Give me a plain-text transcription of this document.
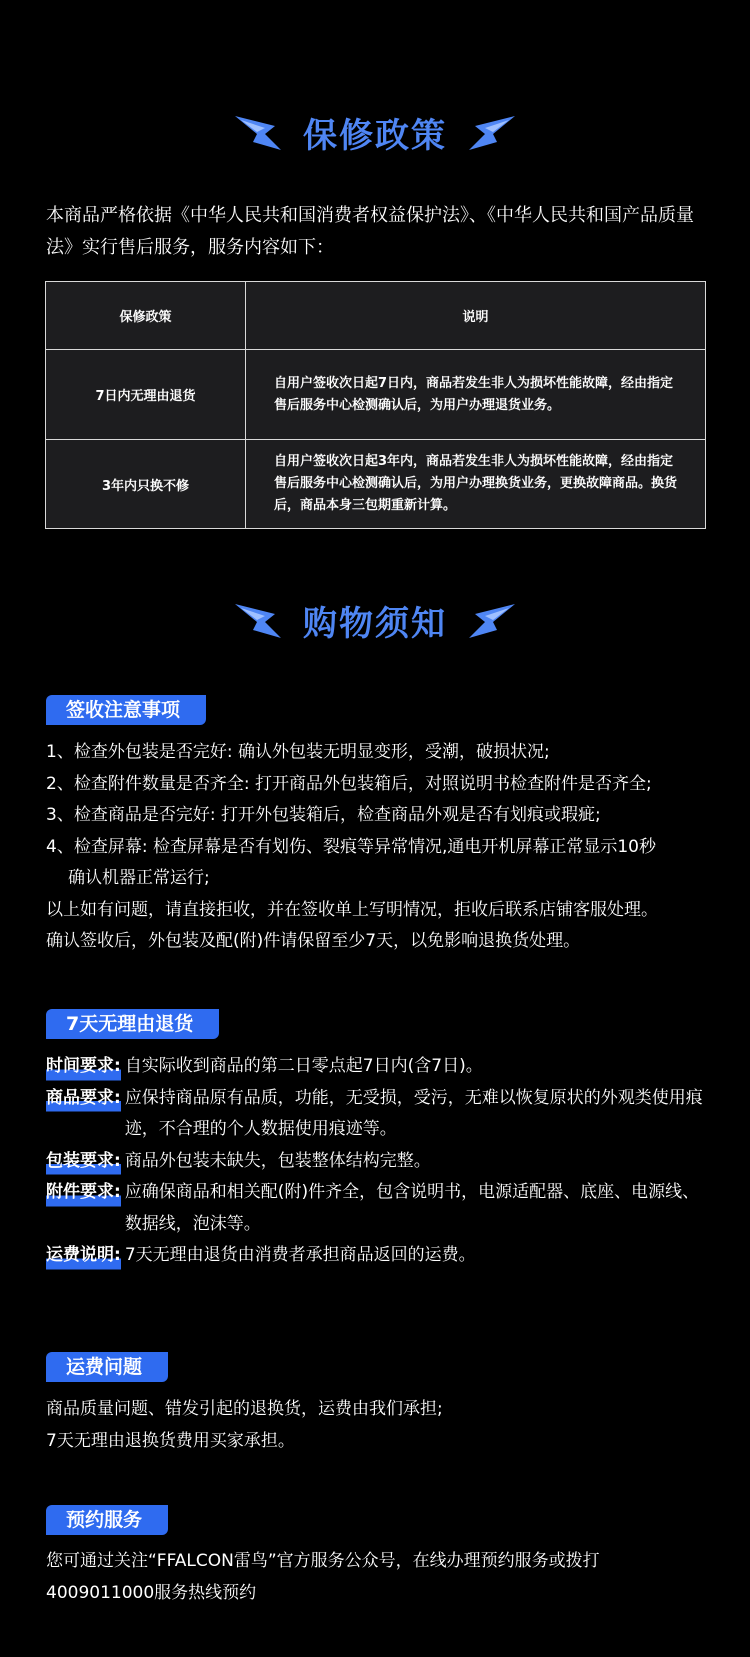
保修政策

本商品严格依据《中华人民共和国消费者权益保护法》、《中华人民共和国产品质量法》实行售后服务，服务内容如下：

保修政策	说明
7日内无理由退货	自用户签收次日起7日内，商品若发生非人为损坏性能故障，经由指定售后服务中心检测确认后，为用户办理退货业务。
3年内只换不修	自用户签收次日起3年内，商品若发生非人为损坏性能故障，经由指定售后服务中心检测确认后，为用户办理换货业务，更换故障商品。换货后，商品本身三包期重新计算。
购物须知
签收注意事项
1、检查外包装是否完好: 确认外包装无明显变形，受潮，破损状况;
2、检查附件数量是否齐全: 打开商品外包装箱后，对照说明书检查附件是否齐全;
3、检查商品是否完好: 打开外包装箱后，检查商品外观是否有划痕或瑕疵;
4、检查屏幕: 检查屏幕是否有划伤、裂痕等异常情况,通电开机屏幕正常显示10秒
确认机器正常运行;
以上如有问题，请直接拒收，并在签收单上写明情况，拒收后联系店铺客服处理。
确认签收后，外包装及配(附)件请保留至少7天，以免影响退换货处理。
7天无理由退货
时间要求: 自实际收到商品的第二日零点起7日内(含7日)。
商品要求: 应保持商品原有品质，功能，无受损，受污，无难以恢复原状的外观类使用痕迹，不合理的个人数据使用痕迹等。
包装要求: 商品外包装未缺失，包装整体结构完整。
附件要求: 应确保商品和相关配(附)件齐全，包含说明书，电源适配器、底座、电源线、数据线，泡沫等。
运费说明: 7天无理由退货由消费者承担商品返回的运费。
运费问题
商品质量问题、错发引起的退换货，运费由我们承担;
7天无理由退换货费用买家承担。
预约服务
您可通过关注“FFALCON雷鸟”官方服务公众号，在线办理预约服务或拨打
4009011000服务热线预约
